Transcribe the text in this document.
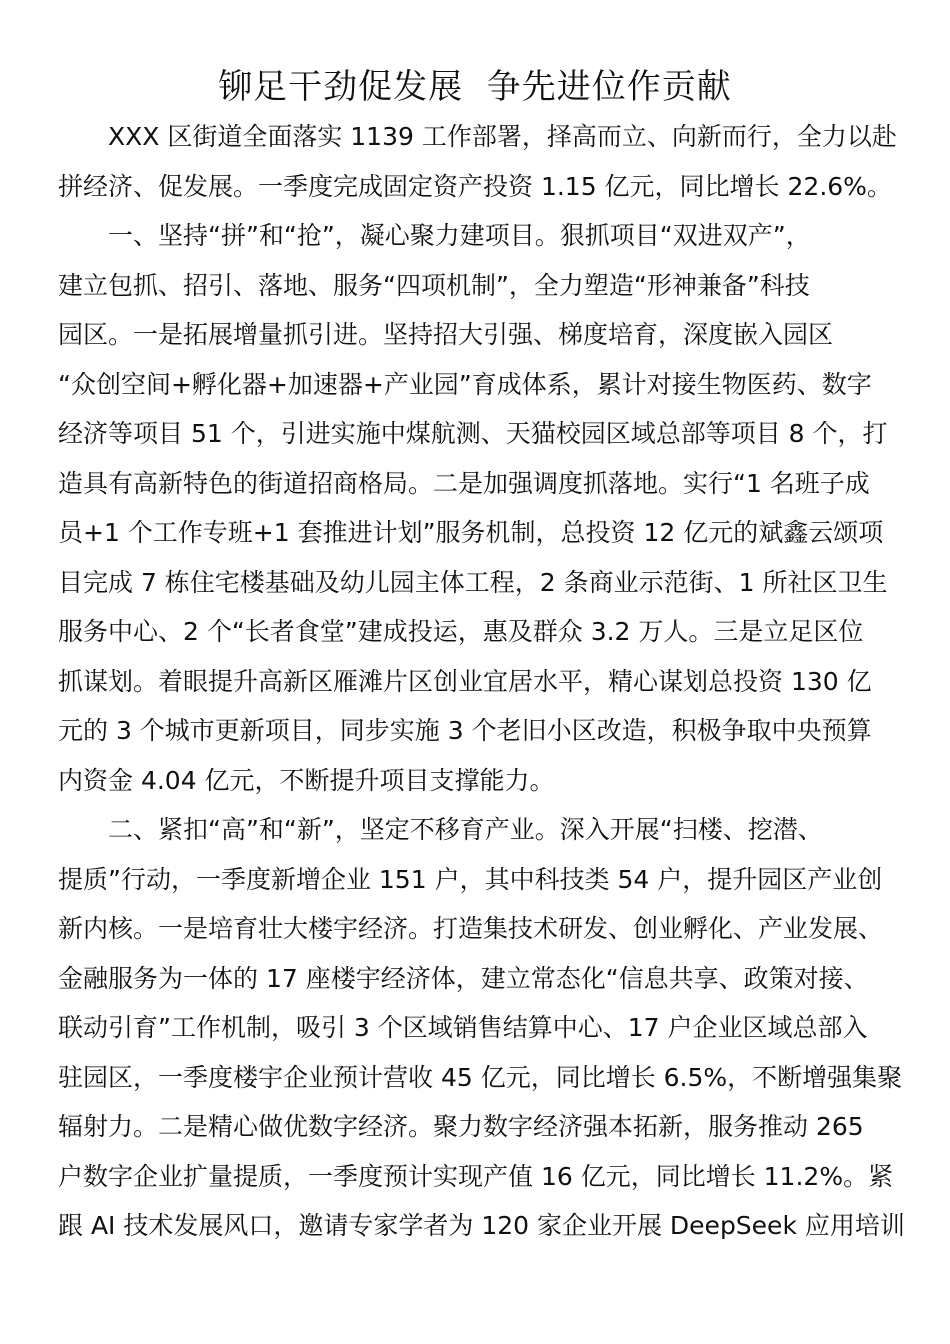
铆足干劲促发展  争先进位作贡献
XXX 区街道全面落实 1139 工作部署，择高而立、向新而行，全力以赴
拼经济、促发展。一季度完成固定资产投资 1.15 亿元，同比增长 22.6%。
一、坚持“拼”和“抢”，凝心聚力建项目。狠抓项目“双进双产”，
建立包抓、招引、落地、服务“四项机制”，全力塑造“形神兼备”科技
园区。一是拓展增量抓引进。坚持招大引强、梯度培育，深度嵌入园区
“众创空间+孵化器+加速器+产业园”育成体系，累计对接生物医药、数字
经济等项目 51 个，引进实施中煤航测、天猫校园区域总部等项目 8 个，打
造具有高新特色的街道招商格局。二是加强调度抓落地。实行“1 名班子成
员+1 个工作专班+1 套推进计划”服务机制，总投资 12 亿元的斌鑫云颂项
目完成 7 栋住宅楼基础及幼儿园主体工程，2 条商业示范街、1 所社区卫生
服务中心、2 个“长者食堂”建成投运，惠及群众 3.2 万人。三是立足区位
抓谋划。着眼提升高新区雁滩片区创业宜居水平，精心谋划总投资 130 亿
元的 3 个城市更新项目，同步实施 3 个老旧小区改造，积极争取中央预算
内资金 4.04 亿元，不断提升项目支撑能力。
二、紧扣“高”和“新”，坚定不移育产业。深入开展“扫楼、挖潜、
提质”行动，一季度新增企业 151 户，其中科技类 54 户，提升园区产业创
新内核。一是培育壮大楼宇经济。打造集技术研发、创业孵化、产业发展、
金融服务为一体的 17 座楼宇经济体，建立常态化“信息共享、政策对接、
联动引育”工作机制，吸引 3 个区域销售结算中心、17 户企业区域总部入
驻园区，一季度楼宇企业预计营收 45 亿元，同比增长 6.5%，不断增强集聚
辐射力。二是精心做优数字经济。聚力数字经济强本拓新，服务推动 265
户数字企业扩量提质，一季度预计实现产值 16 亿元，同比增长 11.2%。紧
跟 AI 技术发展风口，邀请专家学者为 120 家企业开展 DeepSeek 应用培训
